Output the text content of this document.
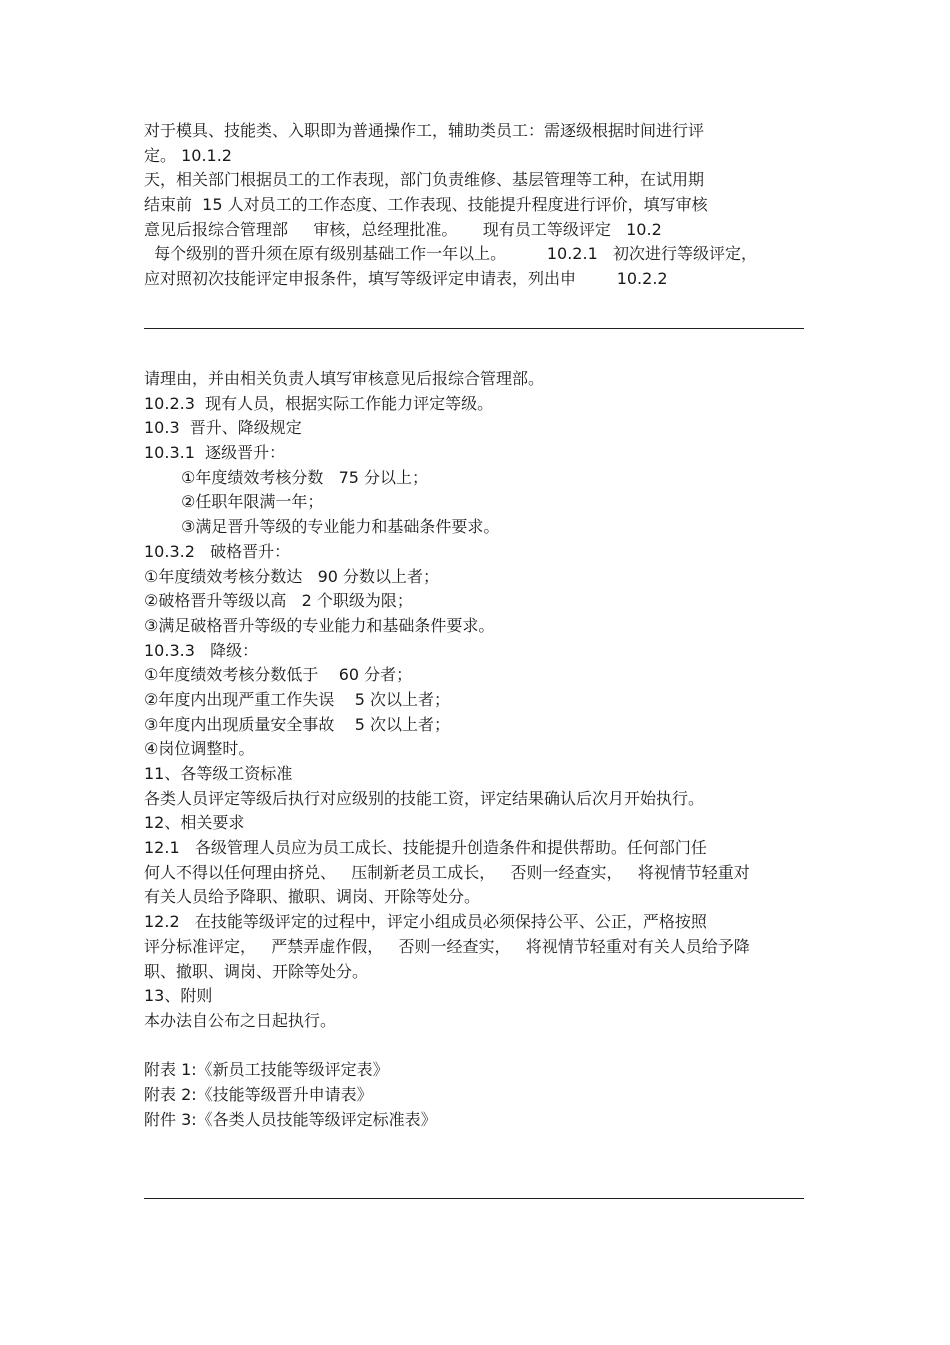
对于模具、技能类、入职即为普通操作工，辅助类员工：需逐级根据时间进行评
定。 10.1.2
天，相关部门根据员工的工作表现，部门负责维修、基层管理等工种，在试用期
结束前  15 人对员工的工作态度、工作表现、技能提升程度进行评价，填写审核
意见后报综合管理部     审核，总经理批准。     现有员工等级评定   10.2
每个级别的晋升须在原有级别基础工作一年以上。        10.2.1   初次进行等级评定，
应对照初次技能评定申报条件，填写等级评定申请表，列出申        10.2.2
请理由，并由相关负责人填写审核意见后报综合管理部。
10.2.3  现有人员，根据实际工作能力评定等级。
10.3  晋升、降级规定
10.3.1  逐级晋升：
①年度绩效考核分数   75 分以上；
②任职年限满一年；
③满足晋升等级的专业能力和基础条件要求。
10.3.2   破格晋升：
①年度绩效考核分数达   90 分数以上者；
②破格晋升等级以高   2 个职级为限；
③满足破格晋升等级的专业能力和基础条件要求。
10.3.3   降级：
①年度绩效考核分数低于    60 分者；
②年度内出现严重工作失误    5 次以上者；
③年度内出现质量安全事故    5 次以上者；
④岗位调整时。
11、各等级工资标准
各类人员评定等级后执行对应级别的技能工资，评定结果确认后次月开始执行。
12、相关要求
12.1   各级管理人员应为员工成长、技能提升创造条件和提供帮助。任何部门任
何人不得以任何理由挤兑、   压制新老员工成长，   否则一经查实，   将视情节轻重对
有关人员给予降职、撤职、调岗、开除等处分。
12.2   在技能等级评定的过程中，评定小组成员必须保持公平、公正，严格按照
评分标准评定，   严禁弄虚作假，   否则一经查实，   将视情节轻重对有关人员给予降
职、撤职、调岗、开除等处分。
13、附则
本办法自公布之日起执行。
附表 1:《新员工技能等级评定表》
附表 2:《技能等级晋升申请表》
附件 3:《各类人员技能等级评定标准表》
